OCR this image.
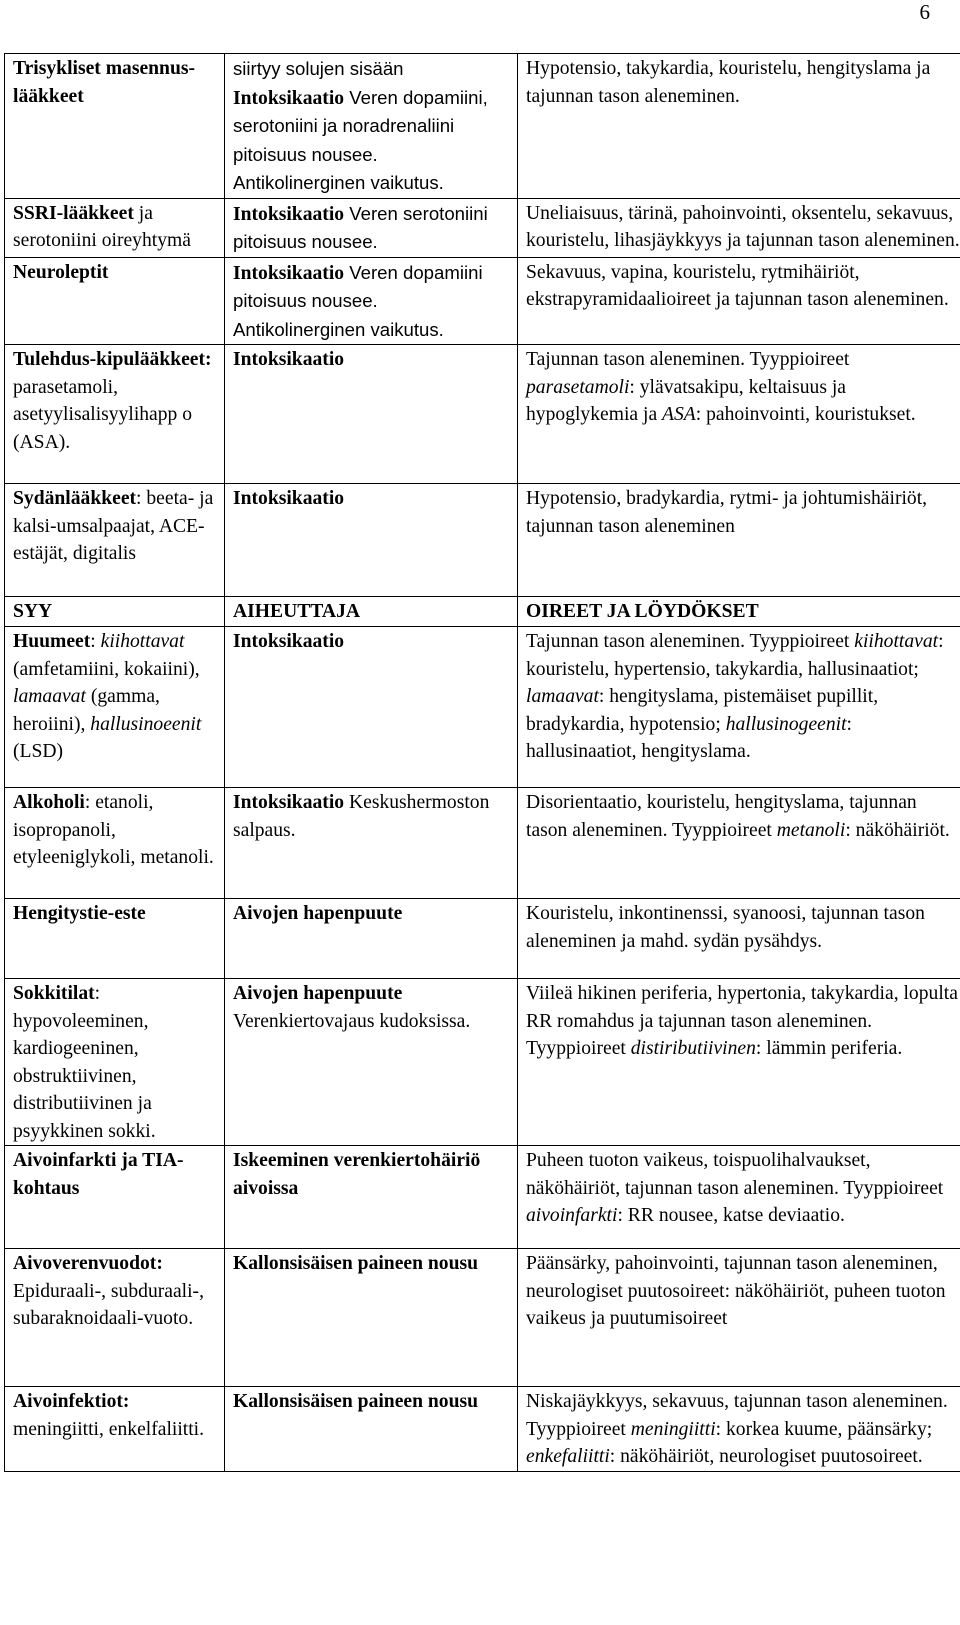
6
Trisykliset masennus-lääkkeet	siirtyy solujen sisään Intoksikaatio Veren dopamiini, serotoniini ja noradrenaliini pitoisuus nousee. Antikolinerginen vaikutus.	Hypotensio, takykardia, kouristelu, hengityslama ja tajunnan tason aleneminen.
SSRI-lääkkeet ja serotoniini oireyhtymä	Intoksikaatio Veren serotoniini pitoisuus nousee.	Uneliaisuus, tärinä, pahoinvointi, oksentelu, sekavuus, kouristelu, lihasjäykkyys ja tajunnan tason aleneminen.
Neuroleptit	Intoksikaatio Veren dopamiini pitoisuus nousee. Antikolinerginen vaikutus.	Sekavuus, vapina, kouristelu, rytmihäiriöt, ekstrapyramidaalioireet ja tajunnan tason aleneminen.
Tulehdus-kipulääkkeet: parasetamoli, asetyylisalisyylihapp o (ASA).	Intoksikaatio	Tajunnan tason aleneminen. Tyyppioireet parasetamoli: ylävatsakipu, keltaisuus ja hypoglykemia ja ASA: pahoinvointi, kouristukset.
Sydänlääkkeet: beeta- ja kalsi-umsalpaajat, ACE-estäjät, digitalis	Intoksikaatio	Hypotensio, bradykardia, rytmi- ja johtumishäiriöt, tajunnan tason aleneminen
SYY	AIHEUTTAJA	OIREET JA LÖYDÖKSET
Huumeet: kiihottavat (amfetamiini, kokaiini), lamaavat (gamma, heroiini), hallusinoeenit (LSD)	Intoksikaatio	Tajunnan tason aleneminen. Tyyppioireet kiihottavat: kouristelu, hypertensio, takykardia, hallusinaatiot; lamaavat: hengityslama, pistemäiset pupillit, bradykardia, hypotensio; hallusinogeenit: hallusinaatiot, hengityslama.
Alkoholi: etanoli, isopropanoli, etyleeniglykoli, metanoli.	Intoksikaatio Keskushermoston salpaus.	Disorientaatio, kouristelu, hengityslama, tajunnan tason aleneminen. Tyyppioireet metanoli: näköhäiriöt.
Hengitystie-este	Aivojen hapenpuute	Kouristelu, inkontinenssi, syanoosi, tajunnan tason aleneminen ja mahd. sydän pysähdys.
Sokkitilat: hypovoleeminen, kardiogeeninen, obstruktiivinen, distributiivinen ja psyykkinen sokki.	Aivojen hapenpuute Verenkiertovajaus kudoksissa.	Viileä hikinen periferia, hypertonia, takykardia, lopulta RR romahdus ja tajunnan tason aleneminen. Tyyppioireet distiributiivinen: lämmin periferia.
Aivoinfarkti ja TIA-kohtaus	Iskeeminen verenkiertohäiriö aivoissa	Puheen tuoton vaikeus, toispuolihalvaukset, näköhäiriöt, tajunnan tason aleneminen. Tyyppioireet aivoinfarkti: RR nousee, katse deviaatio.
Aivoverenvuodot: Epiduraali-, subduraali-, subaraknoidaali-vuoto.	Kallonsisäisen paineen nousu	Päänsärky, pahoinvointi, tajunnan tason aleneminen, neurologiset puutosoireet: näköhäiriöt, puheen tuoton vaikeus ja puutumisoireet
Aivoinfektiot: meningiitti, enkelfaliitti.	Kallonsisäisen paineen nousu	Niskajäykkyys, sekavuus, tajunnan tason aleneminen. Tyyppioireet meningiitti: korkea kuume, päänsärky; enkefaliitti: näköhäiriöt, neurologiset puutosoireet.
